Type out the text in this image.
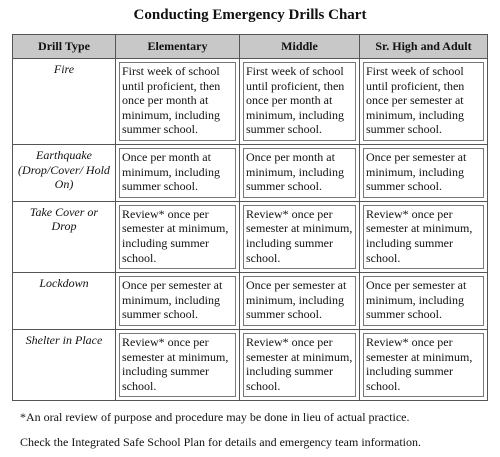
Conducting Emergency Drills Chart
Drill Type	Elementary	Middle	Sr. High and Adult

Fire	First week of school until proficient, then once per month at minimum, including summer school.	First week of school until proficient, then once per month at minimum, including summer school.	First week of school until proficient, then once per semester at minimum, including summer school.

Earthquake (Drop/Cover/ Hold On)	Once per month at minimum, including summer school.	Once per month at minimum, including summer school.	Once per semester at minimum, including summer school.

Take Cover or Drop	Review* once per semester at minimum, including summer school.	Review* once per semester at minimum, including summer school.	Review* once per semester at minimum, including summer school.

Lockdown	Once per semester at minimum, including summer school.	Once per semester at minimum, including summer school.	Once per semester at minimum, including summer school.

Shelter in Place	Review* once per semester at minimum, including summer school.	Review* once per semester at minimum, including summer school.	Review* once per semester at minimum, including summer school.
*An oral review of purpose and procedure may be done in lieu of actual practice.
Check the Integrated Safe School Plan for details and emergency team information.
